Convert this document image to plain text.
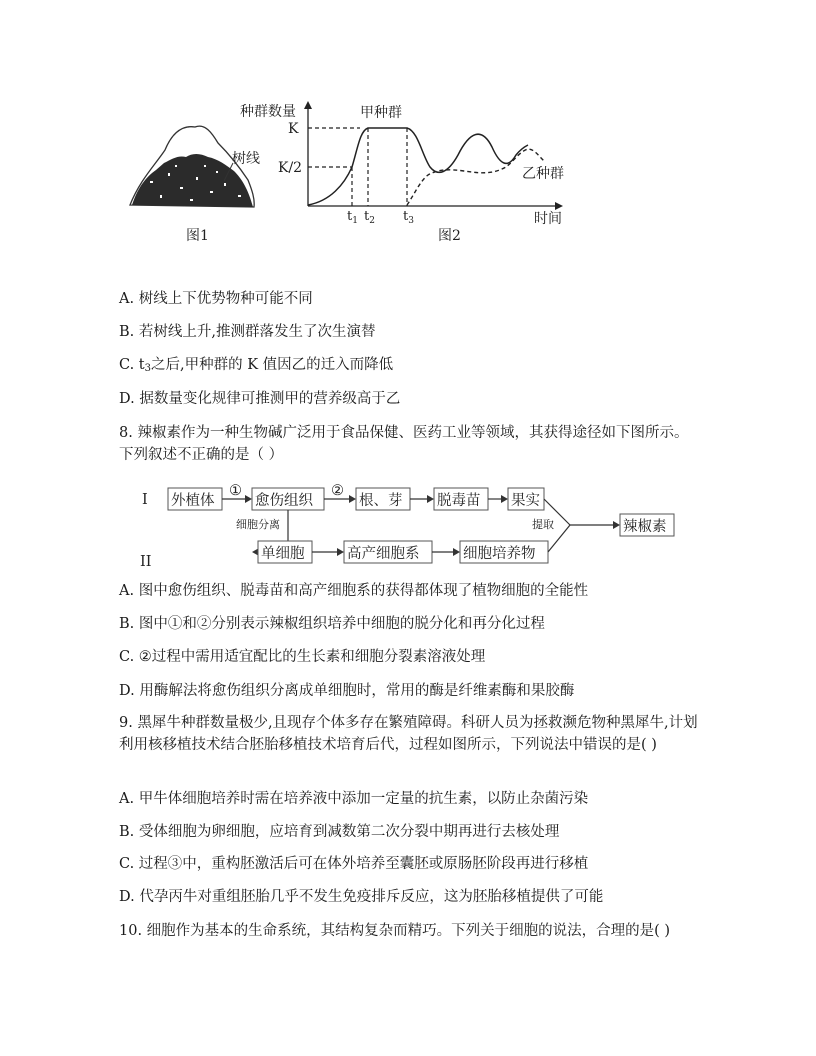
树线
图1
种群数量
K
K/2
甲种群
乙种群
$t_1$ $t_2$ $t_3$	时间
图2
A. 树线上下优势物种可能不同
B. 若树线上升,推测群落发生了次生演替
C. $t_3$之后,甲种群的 K 值因乙的迁入而降低
D. 据数量变化规律可推测甲的营养级高于乙
8. 辣椒素作为一种生物碱广泛用于食品保健、医药工业等领域，其获得途径如下图所示。下列叙述不正确的是（ ）
I
II
外植体
①
愈伤组织
②
根、芽 脱毒苗 果实
细胞分离
单细胞	高产细胞系	细胞培养物
提取	辣椒素
A. 图中愈伤组织、脱毒苗和高产细胞系的获得都体现了植物细胞的全能性
B. 图中①和②分别表示辣椒组织培养中细胞的脱分化和再分化过程
C. ②过程中需用适宜配比的生长素和细胞分裂素溶液处理
D. 用酶解法将愈伤组织分离成单细胞时，常用的酶是纤维素酶和果胶酶
9. 黑犀牛种群数量极少,且现存个体多存在繁殖障碍。科研人员为拯救濒危物种黑犀牛,计划利用核移植技术结合胚胎移植技术培育后代，过程如图所示，下列说法中错误的是( )
A. 甲牛体细胞培养时需在培养液中添加一定量的抗生素，以防止杂菌污染
B. 受体细胞为卵细胞，应培育到减数第二次分裂中期再进行去核处理
C. 过程③中，重构胚激活后可在体外培养至囊胚或原肠胚阶段再进行移植
D. 代孕丙牛对重组胚胎几乎不发生免疫排斥反应，这为胚胎移植提供了可能
10. 细胞作为基本的生命系统，其结构复杂而精巧。下列关于细胞的说法，合理的是( )
